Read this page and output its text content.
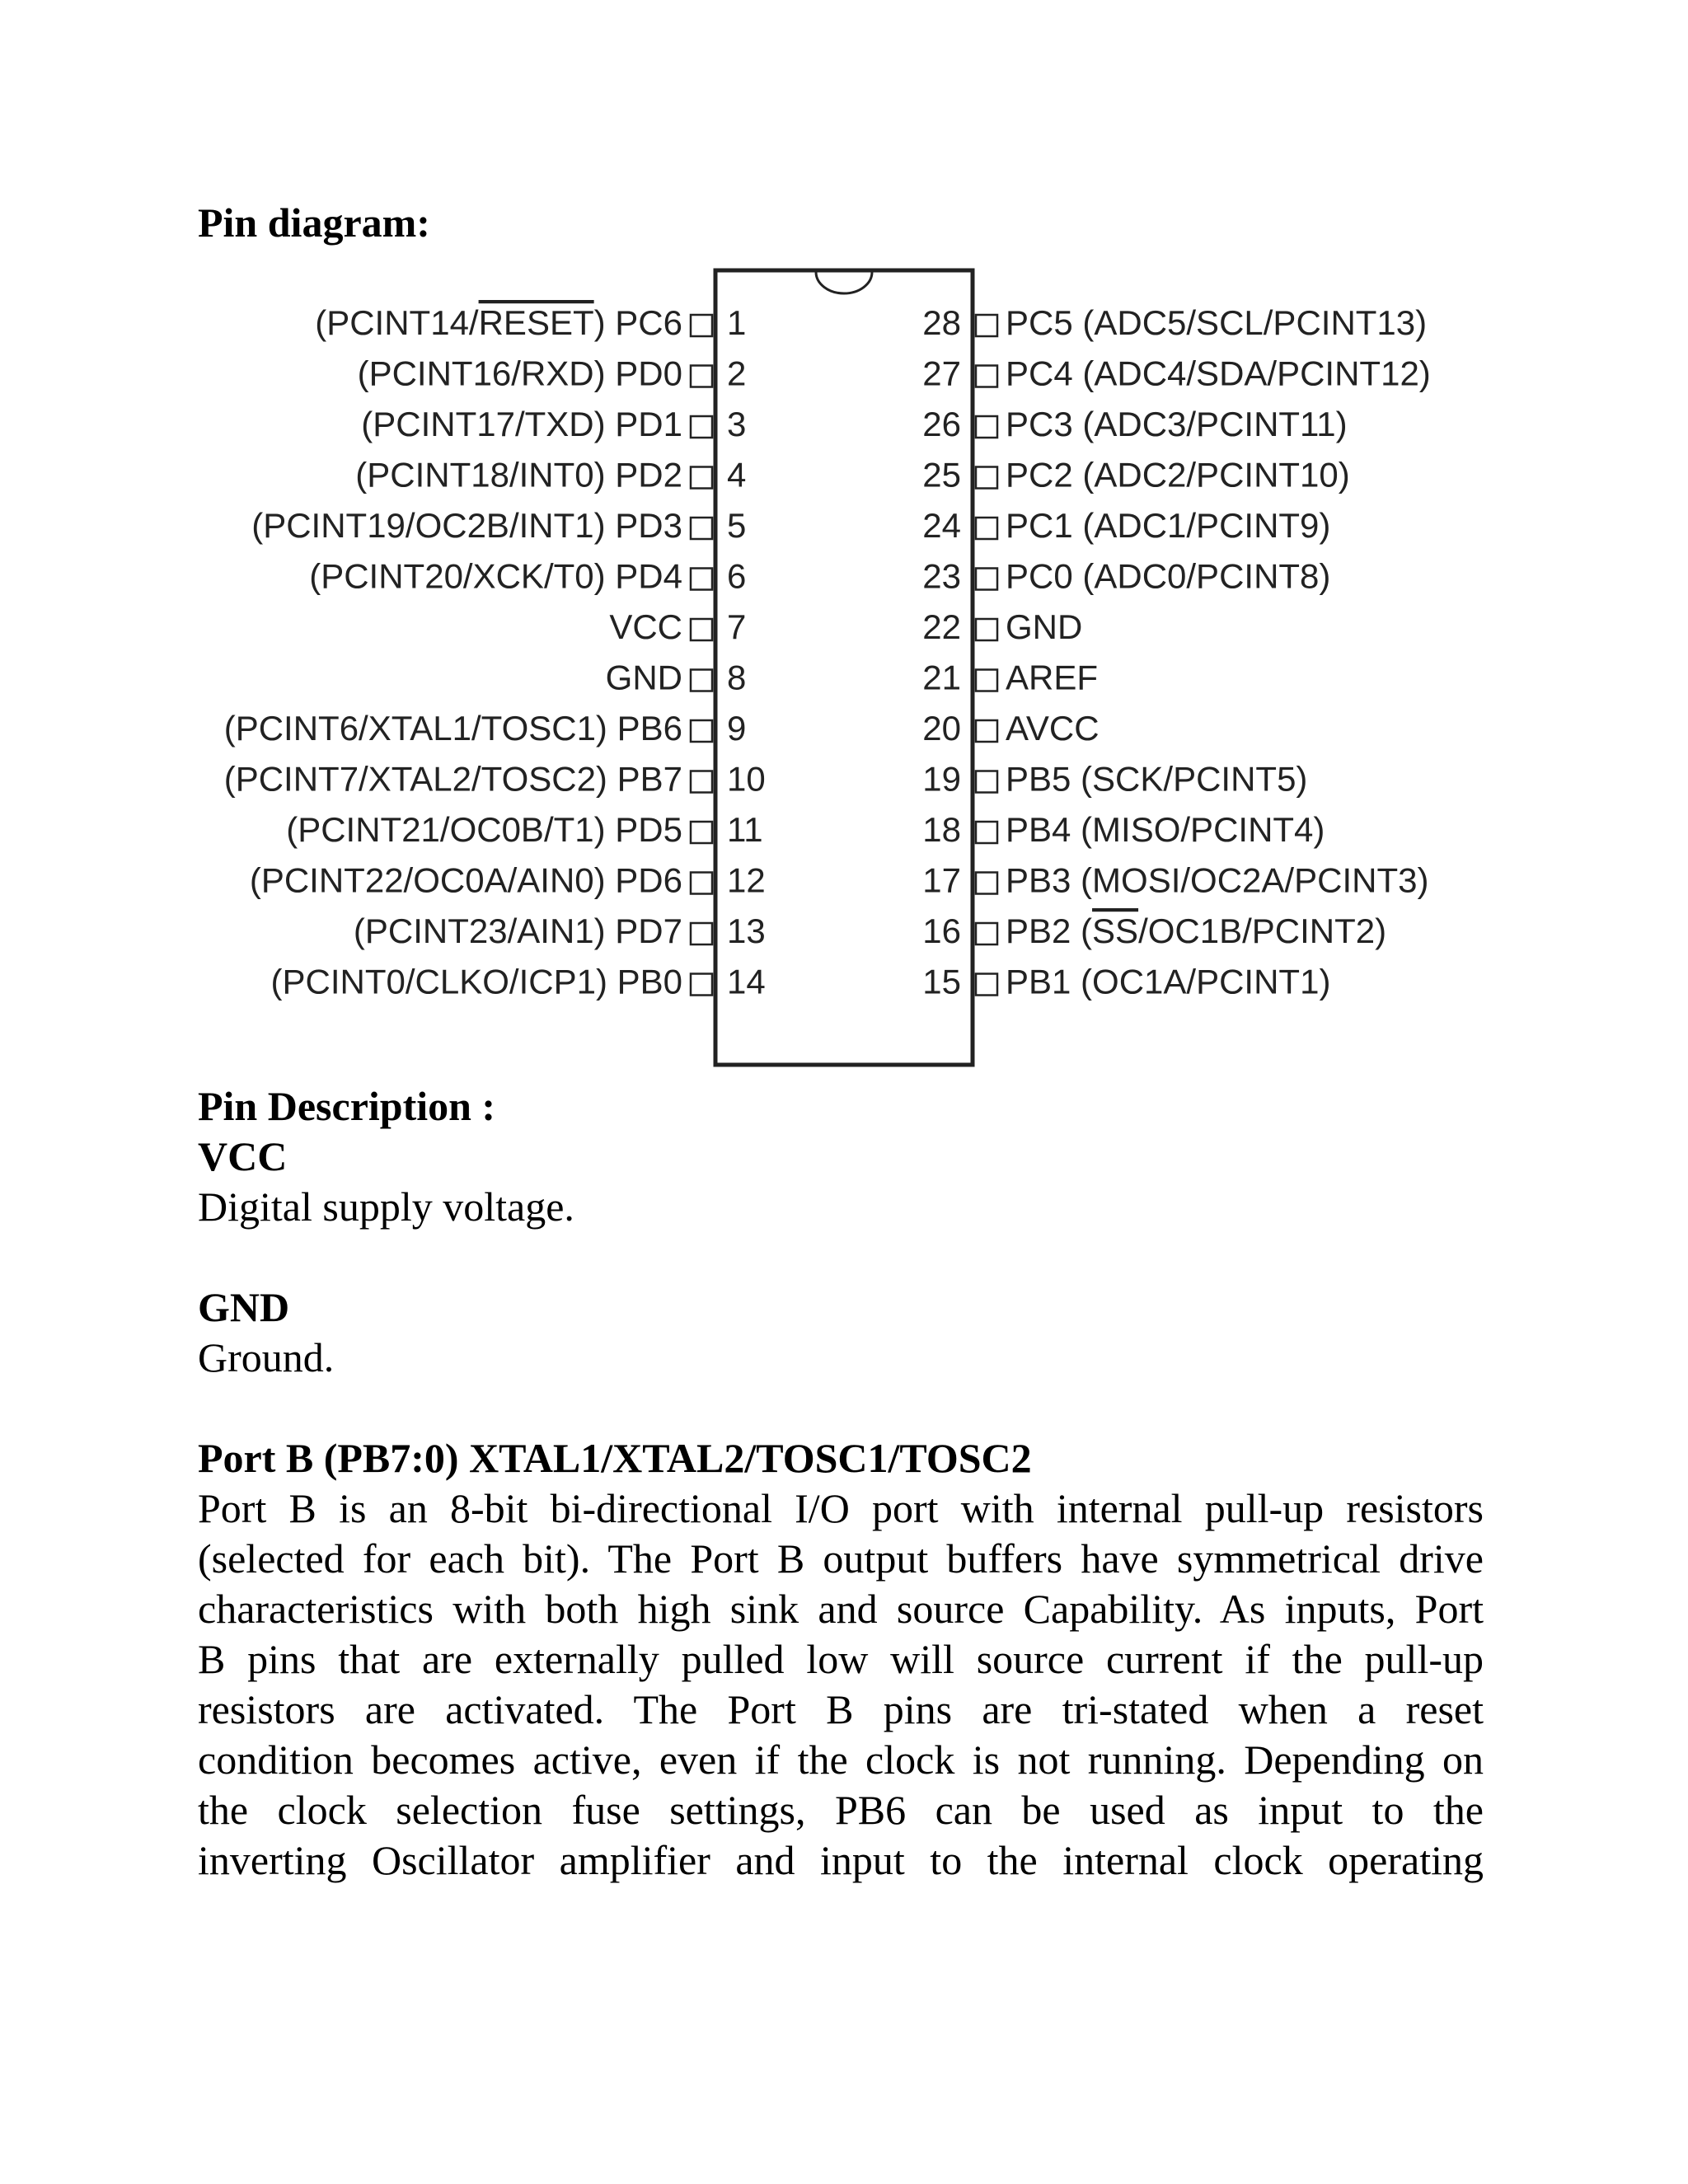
Pin diagram:
(PCINT14/RESET) PC6 1
(PCINT16/RXD) PD0 2
(PCINT17/TXD) PD1 3
(PCINT18/INT0) PD2 4
(PCINT19/OC2B/INT1) PD3 5
(PCINT20/XCK/T0) PD4 6
VCC 7
GND 8
(PCINT6/XTAL1/TOSC1) PB6 9
(PCINT7/XTAL2/TOSC2) PB7 10
(PCINT21/OC0B/T1) PD5 11
(PCINT22/OC0A/AIN0) PD6 12
(PCINT23/AIN1) PD7 13
(PCINT0/CLKO/ICP1) PB0 14
28 PC5 (ADC5/SCL/PCINT13)
27 PC4 (ADC4/SDA/PCINT12)
26 PC3 (ADC3/PCINT11)
25 PC2 (ADC2/PCINT10)
24 PC1 (ADC1/PCINT9)
23 PC0 (ADC0/PCINT8)
22 GND
21 AREF
20 AVCC
19 PB5 (SCK/PCINT5)
18 PB4 (MISO/PCINT4)
17 PB3 (MOSI/OC2A/PCINT3)
16 PB2 (SS/OC1B/PCINT2)
15 PB1 (OC1A/PCINT1)
Pin Description :
VCC
Digital supply voltage.
GND
Ground.
Port B (PB7:0) XTAL1/XTAL2/TOSC1/TOSC2
Port B is an 8-bit bi-directional I/O port with internal pull-up resistors
(selected for each bit). The Port B output buffers have symmetrical drive
characteristics with both high sink and source Capability. As inputs, Port
B pins that are externally pulled low will source current if the pull-up
resistors are activated. The Port B pins are tri-stated when a reset
condition becomes active, even if the clock is not running. Depending on
the clock selection fuse settings, PB6 can be used as input to the
inverting Oscillator amplifier and input to the internal clock operating
